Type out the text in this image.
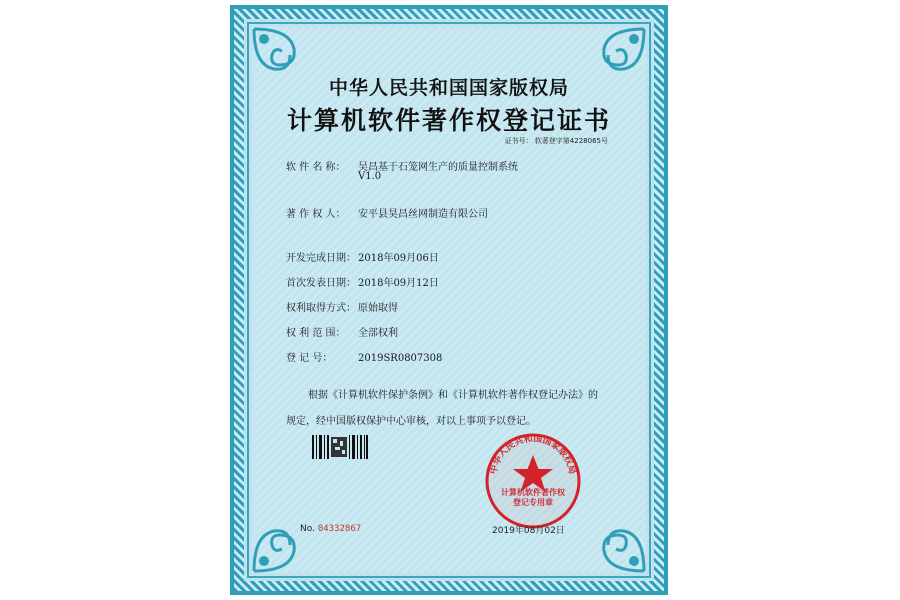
中华人民共和国国家版权局
计算机软件著作权登记证书
证书号： 软著登字第4228065号
软 件 名 称： 吴昌基于石笼网生产的质量控制系统
V1.0
著 作 权 人： 安平县昊昌丝网制造有限公司
开发完成日期： 2018年09月06日
首次发表日期： 2018年09月12日
权利取得方式： 原始取得
权 利 范 围： 全部权利
登 记 号：	2019SR0807308
根据《计算机软件保护条例》和《计算机软件著作权登记办法》的
规定，经中国版权保护中心审核，对以上事项予以登记。
No. 04332867
中华人民共和国国家版权局
计算机软件著作权
登记专用章
2019年08月02日
